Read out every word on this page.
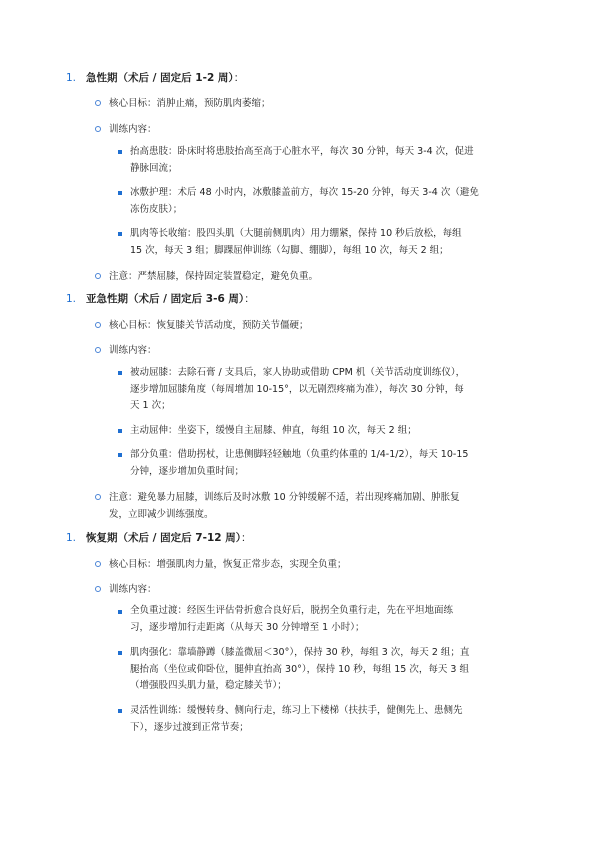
1. 急性期（术后 / 固定后 1-2 周）：
核心目标：消肿止痛，预防肌肉萎缩；
训练内容：
抬高患肢：卧床时将患肢抬高至高于心脏水平，每次 30 分钟，每天 3-4 次，促进
静脉回流；
冰敷护理：术后 48 小时内，冰敷膝盖前方，每次 15-20 分钟，每天 3-4 次（避免
冻伤皮肤）；
肌肉等长收缩：股四头肌（大腿前侧肌肉）用力绷紧，保持 10 秒后放松，每组
15 次，每天 3 组；脚踝屈伸训练（勾脚、绷脚），每组 10 次，每天 2 组；
注意：严禁屈膝，保持固定装置稳定，避免负重。
1. 亚急性期（术后 / 固定后 3-6 周）：
核心目标：恢复膝关节活动度，预防关节僵硬；
训练内容：
被动屈膝：去除石膏 / 支具后，家人协助或借助 CPM 机（关节活动度训练仪），
逐步增加屈膝角度（每周增加 10-15°，以无剧烈疼痛为准），每次 30 分钟，每
天 1 次；
主动屈伸：坐姿下，缓慢自主屈膝、伸直，每组 10 次，每天 2 组；
部分负重：借助拐杖，让患侧脚轻轻触地（负重约体重的 1/4-1/2），每天 10-15
分钟，逐步增加负重时间；
注意：避免暴力屈膝，训练后及时冰敷 10 分钟缓解不适，若出现疼痛加剧、肿胀复
发，立即减少训练强度。
1. 恢复期（术后 / 固定后 7-12 周）：
核心目标：增强肌肉力量，恢复正常步态，实现全负重；
训练内容：
全负重过渡：经医生评估骨折愈合良好后，脱拐全负重行走，先在平坦地面练
习，逐步增加行走距离（从每天 30 分钟增至 1 小时）；
肌肉强化：靠墙静蹲（膝盖微屈＜30°），保持 30 秒，每组 3 次，每天 2 组；直
腿抬高（坐位或仰卧位，腿伸直抬高 30°），保持 10 秒，每组 15 次，每天 3 组
（增强股四头肌力量，稳定膝关节）；
灵活性训练：缓慢转身、侧向行走，练习上下楼梯（扶扶手，健侧先上、患侧先
下），逐步过渡到正常节奏；
